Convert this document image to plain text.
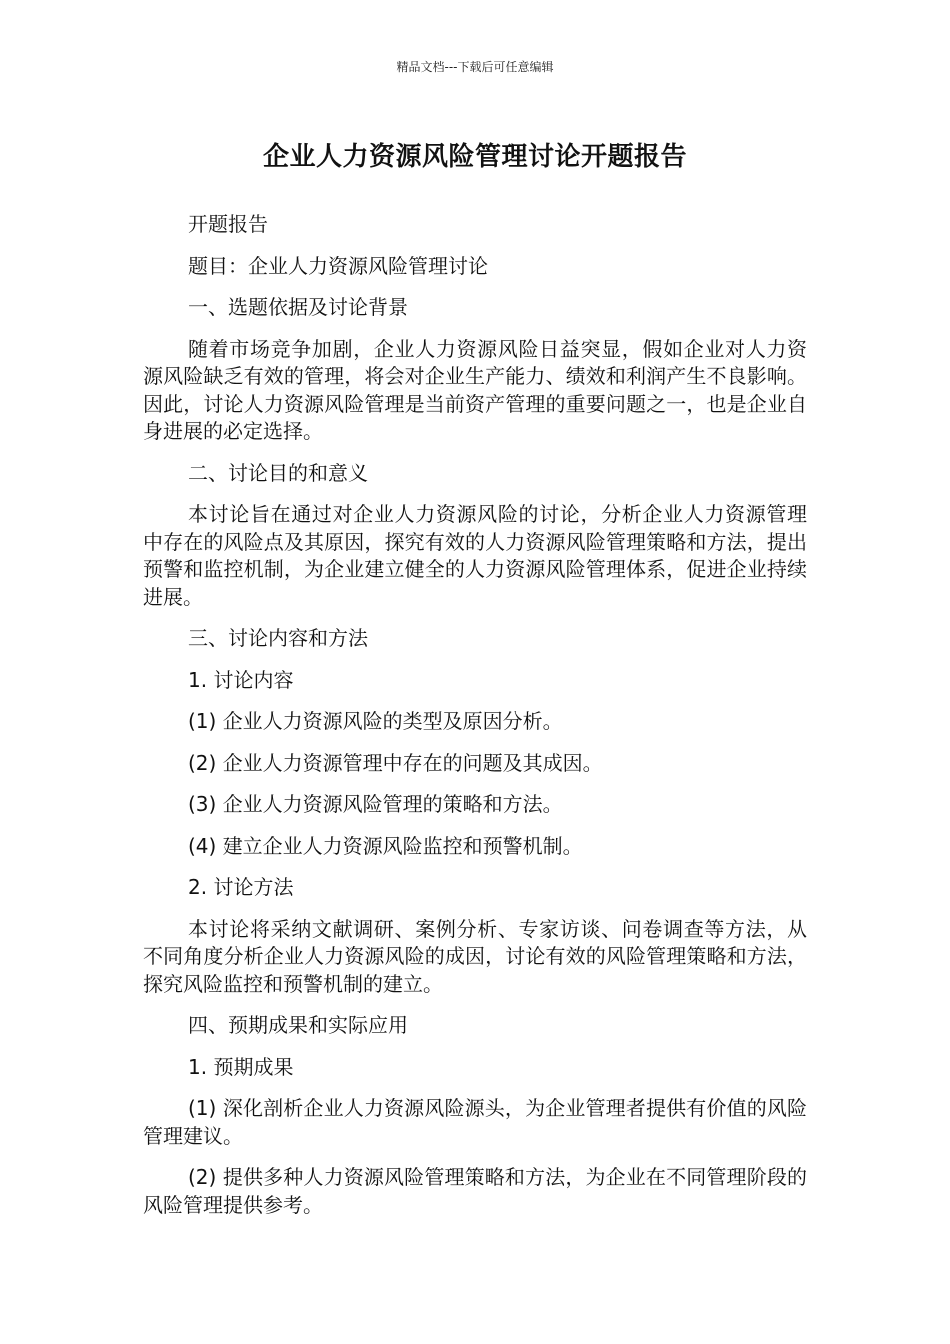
精品文档---下载后可任意编辑
企业人力资源风险管理讨论开题报告

开题报告

题目：企业人力资源风险管理讨论

一、选题依据及讨论背景

随着市场竞争加剧，企业人力资源风险日益突显，假如企业对人力资源风险缺乏有效的管理，将会对企业生产能力、绩效和利润产生不良影响。因此，讨论人力资源风险管理是当前资产管理的重要问题之一，也是企业自身进展的必定选择。

二、讨论目的和意义

本讨论旨在通过对企业人力资源风险的讨论，分析企业人力资源管理中存在的风险点及其原因，探究有效的人力资源风险管理策略和方法，提出预警和监控机制，为企业建立健全的人力资源风险管理体系，促进企业持续进展。

三、讨论内容和方法

1. 讨论内容

(1) 企业人力资源风险的类型及原因分析。

(2) 企业人力资源管理中存在的问题及其成因。

(3) 企业人力资源风险管理的策略和方法。

(4) 建立企业人力资源风险监控和预警机制。

2. 讨论方法

本讨论将采纳文献调研、案例分析、专家访谈、问卷调查等方法，从不同角度分析企业人力资源风险的成因，讨论有效的风险管理策略和方法，探究风险监控和预警机制的建立。

四、预期成果和实际应用

1. 预期成果

(1) 深化剖析企业人力资源风险源头，为企业管理者提供有价值的风险管理建议。

(2) 提供多种人力资源风险管理策略和方法，为企业在不同管理阶段的风险管理提供参考。
